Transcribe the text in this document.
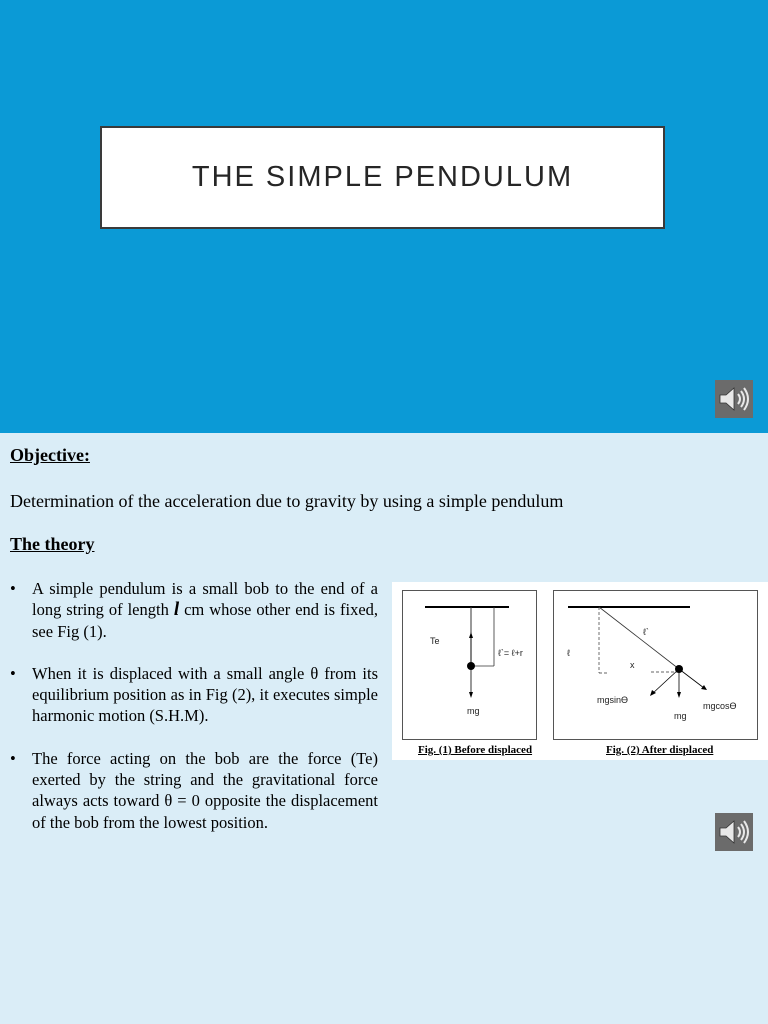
THE SIMPLE PENDULUM
Objective:
Determination of the acceleration due to gravity by using a simple pendulum
The theory
• A simple pendulum is a small bob to the end of a long string of length l cm whose other end is fixed, see Fig (1).
• When it is displaced with a small angle θ from its equilibrium position as in Fig (2), it executes simple harmonic motion (S.H.M).
• The force acting on the bob are the force (Te) exerted by the string and the gravitational force always acts toward θ = 0 opposite the displacement of the bob from the lowest position.
Te
ℓ`= ℓ+r
mg
Fig. (1) Before displaced
ℓ`
ℓ
x
mgsinϴ
mgcosϴ
mg
Fig. (2) After displaced
